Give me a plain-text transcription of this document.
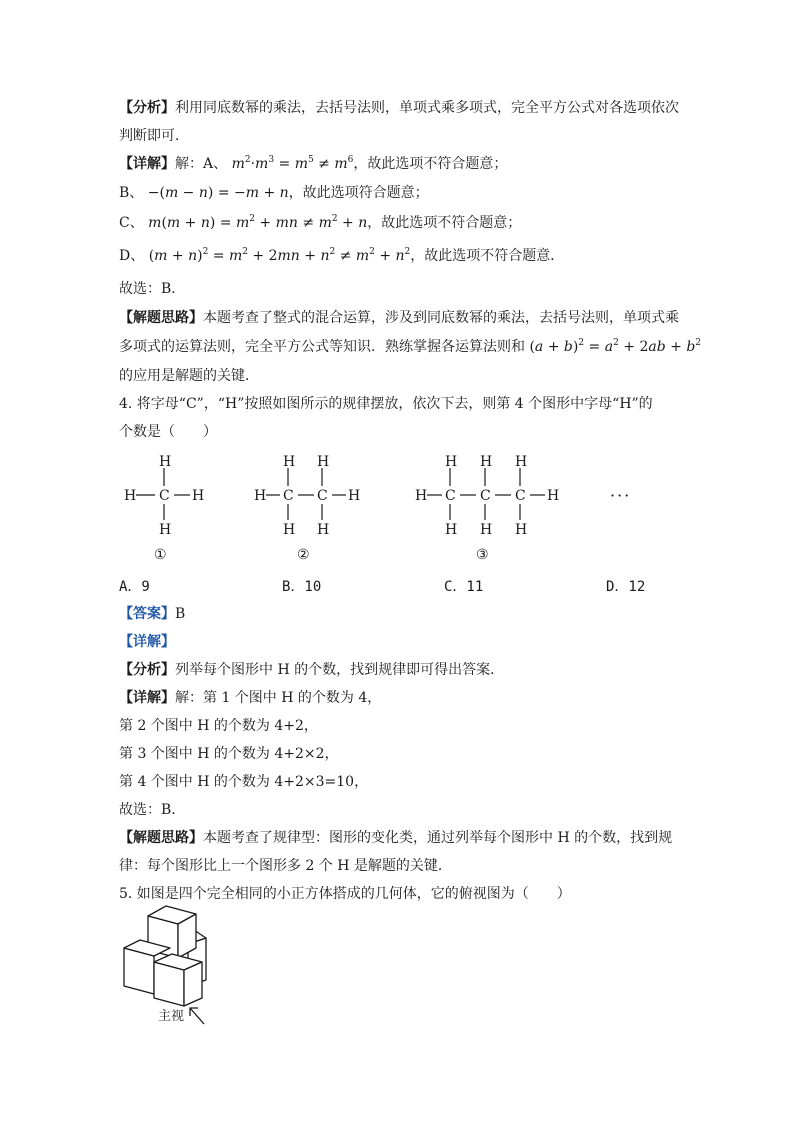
【分析】利用同底数幂的乘法，去括号法则，单项式乘多项式，完全平方公式对各选项依次
判断即可．
【详解】解：A、 $m^2\cdot m^3 = m^5 \ne m^6$，故此选项不符合题意；
B、 −(m − n) = −m + n，故此选项符合题意；
C、 $m(m + n) = m^2$ + mn ≠ $m^2 + n$，故此选项不符合题意；
D、 $(m + n)^2 = m^2 + 2mn + n^2 \ne m^2 + n^2$，故此选项不符合题意．
故选：B．
【解题思路】本题考查了整式的混合运算，涉及到同底数幂的乘法，去括号法则，单项式乘
多项式的运算法则，完全平方公式等知识．熟练掌握各运算法则和 $(a + b)^2 = a^2 + 2ab + b^2$
的应用是解题的关键．
4. 将字母“C”，“H”按照如图所示的规律摆放，依次下去，则第 4 个图形中字母“H”的
个数是（　　）
H
C
H	H
H
①
H H
H C C H
H H
②
H H H
H C C C H
H H H
③
···
A．9	B．10	C．11	D．12
【答案】B
【详解】
【分析】列举每个图形中 H 的个数，找到规律即可得出答案．
【详解】解：第 1 个图中 H 的个数为 4，
第 2 个图中 H 的个数为 4+2，
第 3 个图中 H 的个数为 4+2×2，
第 4 个图中 H 的个数为 4+2×3=10，
故选：B．
【解题思路】本题考查了规律型：图形的变化类，通过列举每个图形中 H 的个数，找到规
律：每个图形比上一个图形多 2 个 H 是解题的关键．
5. 如图是四个完全相同的小正方体搭成的几何体，它的俯视图为（　　）
主视
